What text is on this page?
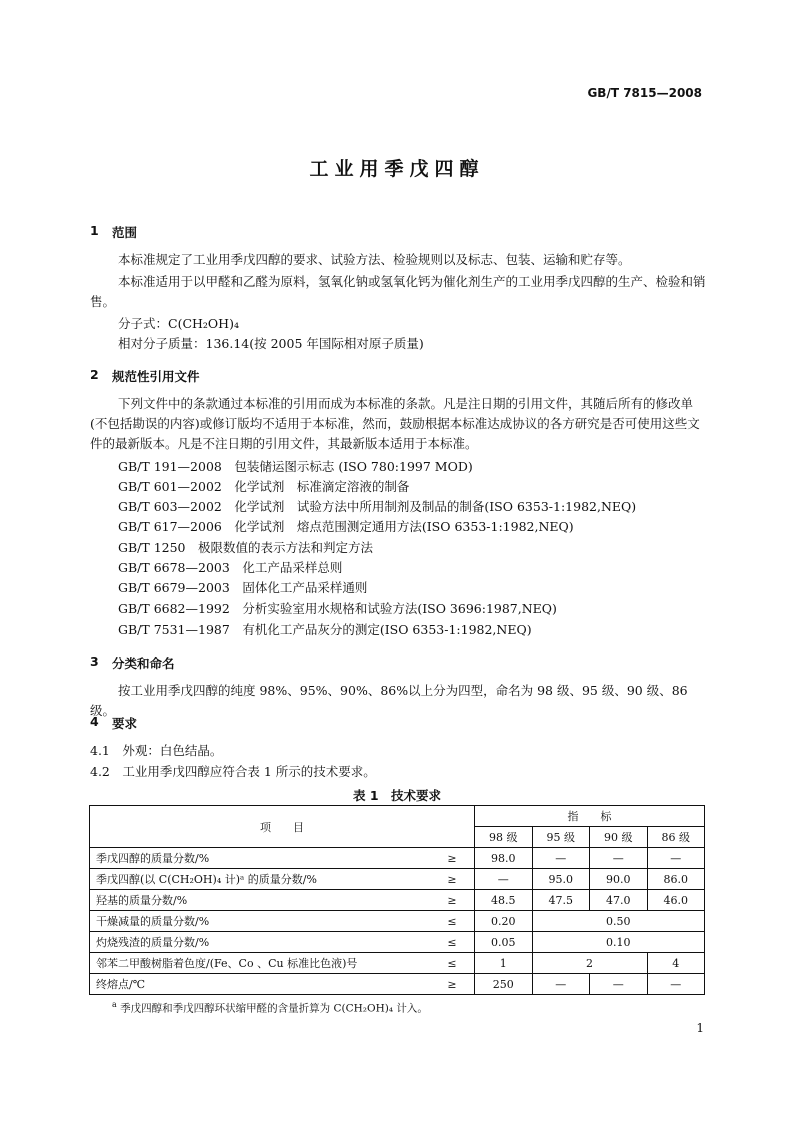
GB/T 7815—2008
工业用季戊四醇
1 范围
本标准规定了工业用季戊四醇的要求、试验方法、检验规则以及标志、包装、运输和贮存等。
本标准适用于以甲醛和乙醛为原料，氢氧化钠或氢氧化钙为催化剂生产的工业用季戊四醇的生产、检验和销售。
分子式：C(CH₂OH)₄
相对分子质量：136.14(按 2005 年国际相对原子质量)
2 规范性引用文件
下列文件中的条款通过本标准的引用而成为本标准的条款。凡是注日期的引用文件，其随后所有的修改单(不包括勘误的内容)或修订版均不适用于本标准，然而，鼓励根据本标准达成协议的各方研究是否可使用这些文件的最新版本。凡是不注日期的引用文件，其最新版本适用于本标准。
GB/T 191—2008　包装储运图示标志 (ISO 780:1997 MOD)
GB/T 601—2002　化学试剂　标准滴定溶液的制备
GB/T 603—2002　化学试剂　试验方法中所用制剂及制品的制备(ISO 6353-1:1982,NEQ)
GB/T 617—2006　化学试剂　熔点范围测定通用方法(ISO 6353-1:1982,NEQ)
GB/T 1250　极限数值的表示方法和判定方法
GB/T 6678—2003　化工产品采样总则
GB/T 6679—2003　固体化工产品采样通则
GB/T 6682—1992　分析实验室用水规格和试验方法(ISO 3696:1987,NEQ)
GB/T 7531—1987　有机化工产品灰分的测定(ISO 6353-1:1982,NEQ)
3 分类和命名
按工业用季戊四醇的纯度 98%、95%、90%、86%以上分为四型，命名为 98 级、95 级、90 级、86 级。
4 要求
4.1　外观：白色结晶。
4.2　工业用季戊四醇应符合表 1 所示的技术要求。
表 1　技术要求
项　　目		指　　标			
		98 级	95 级	90 级	86 级
季戊四醇的质量分数/%	≥	98.0	—	—	—
季戊四醇(以 C(CH₂OH)₄ 计)ᵃ 的质量分数/%	≥	—	95.0	90.0	86.0
羟基的质量分数/%	≥	48.5	47.5	47.0	46.0
干燥减量的质量分数/%	≤	0.20	0.50		
灼烧残渣的质量分数/%	≤	0.05	0.10		
邻苯二甲酸树脂着色度/(Fe、Co 、Cu 标准比色液)号	≤	1	2		4
终熔点/℃	≥	250	—	—	—
$^a$ 季戊四醇和季戊四醇环状缩甲醛的含量折算为 C(CH₂OH)₄ 计入。
1
